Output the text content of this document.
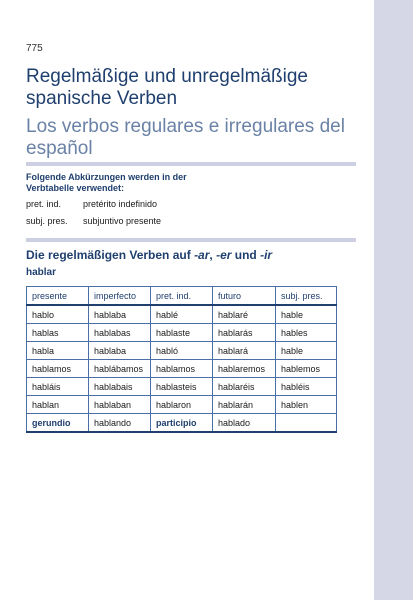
775
Regelmäßige und unregelmäßige spanische Verben
Los verbos regulares e irregulares del español
Folgende Abkürzungen werden in der Verbtabelle verwendet:
pret. ind.	pretérito indefinido
subj. pres.	subjuntivo presente
Die regelmäßigen Verben auf -ar, -er und -ir
hablar
presente	imperfecto	pret. ind.	futuro	subj. pres.
hablo	hablaba	hablé	hablaré	hable
hablas	hablabas	hablaste	hablarás	hables
habla	hablaba	habló	hablará	hable
hablamos	hablábamos	hablamos	hablaremos	hablemos
habláis	hablabais	hablasteis	hablaréis	habléis
hablan	hablaban	hablaron	hablarán	hablen
gerundio	hablando	participio	hablado	
